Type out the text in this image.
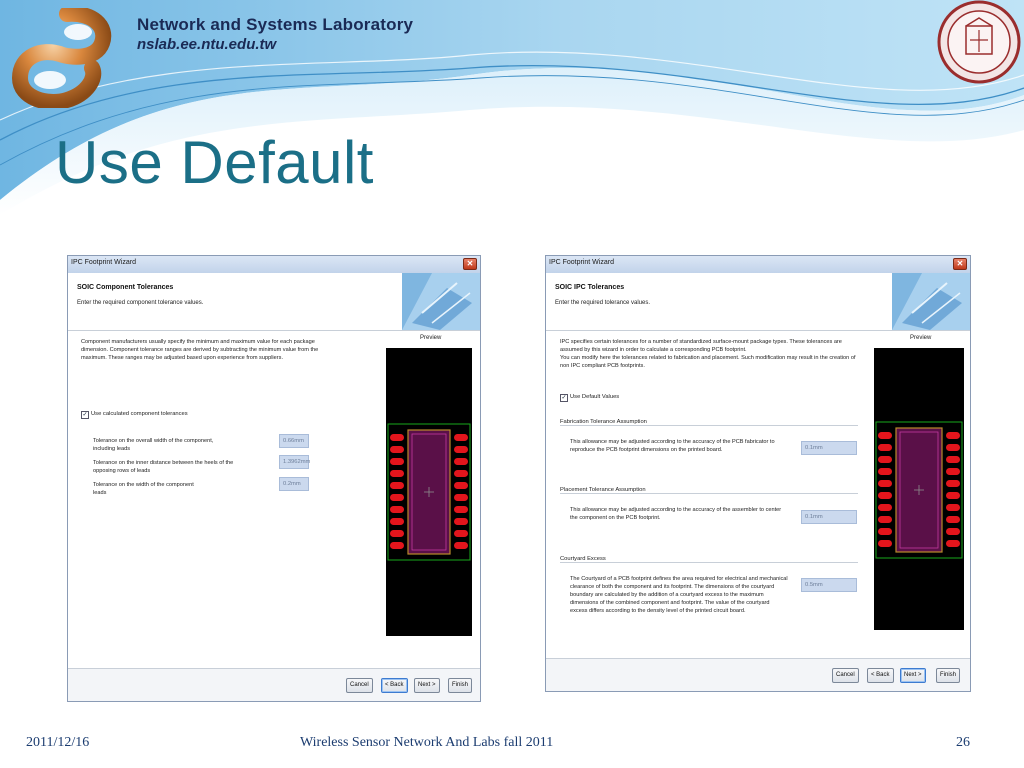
Network and Systems Laboratory
nslab.ee.ntu.edu.tw
Use Default
IPC Footprint Wizard	✕
SOIC Component Tolerances
Enter the required component tolerance values.
Component manufacturers usually specify the minimum and maximum value for each package dimension. Component tolerance ranges are derived by subtracting the minimum value from the maximum. These ranges may be adjusted based upon experience from suppliers.
✓ Use calculated component tolerances
Tolerance on the overall width of the component, including leads
0.66mm
Tolerance on the inner distance between the heels of the opposing rows of leads
1.3962mm
Tolerance on the width of the component leads
0.2mm
Preview
Cancel	< Back	Next >	Finish
IPC Footprint Wizard	✕
SOIC IPC Tolerances
Enter the required tolerance values.
IPC specifies certain tolerances for a number of standardized surface-mount package types. These tolerances are assumed by this wizard in order to calculate a corresponding PCB footprint.
You can modify here the tolerances related to fabrication and placement. Such modification may result in the creation of non IPC compliant PCB footprints.
✓ Use Default Values
Fabrication Tolerance Assumption
This allowance may be adjusted according to the accuracy of the PCB fabricator to reproduce the PCB footprint dimensions on the printed board.	0.1mm
Placement Tolerance Assumption
This allowance may be adjusted according to the accuracy of the assembler to center the component on the PCB footprint.	0.1mm
Courtyard Excess
The Courtyard of a PCB footprint defines the area required for electrical and mechanical clearance of both the component and its footprint. The dimensions of the courtyard boundary are calculated by the addition of a courtyard excess to the maximum dimensions of the combined component and footprint. The value of the courtyard excess differs according to the density level of the printed circuit board.
0.5mm
Preview
Cancel	< Back	Next >	Finish
2011/12/16	Wireless Sensor Network And Labs fall 2011	26
